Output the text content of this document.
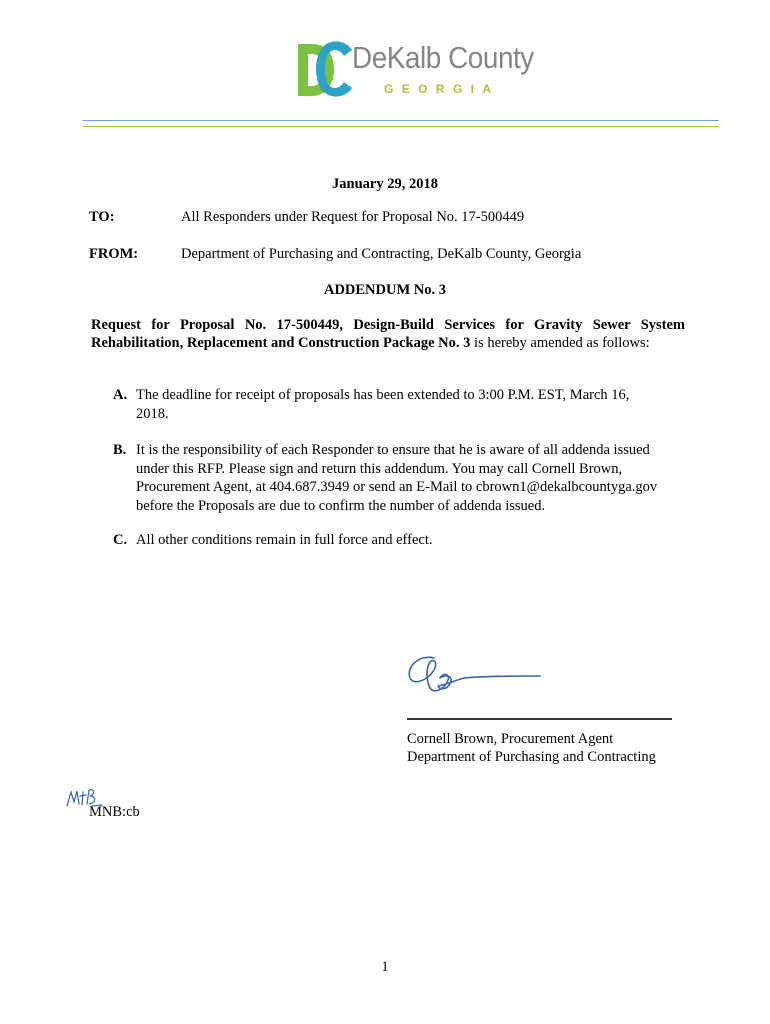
DeKalb County
GEORGIA
January 29, 2018
TO:	All Responders under Request for Proposal No. 17-500449
FROM:	Department of Purchasing and Contracting, DeKalb County, Georgia
ADDENDUM No. 3
Request for Proposal No. 17-500449, Design-Build Services for Gravity Sewer System
Rehabilitation, Replacement and Construction Package No. 3 is hereby amended as follows:
A. The deadline for receipt of proposals has been extended to 3:00 P.M. EST, March 16,
2018.
B. It is the responsibility of each Responder to ensure that he is aware of all addenda issued
under this RFP. Please sign and return this addendum. You may call Cornell Brown,
Procurement Agent, at 404.687.3949 or send an E-Mail to cbrown1@dekalbcountyga.gov
before the Proposals are due to confirm the number of addenda issued.
C. All other conditions remain in full force and effect.
Cornell Brown, Procurement Agent
Department of Purchasing and Contracting
MNB:cb
1
